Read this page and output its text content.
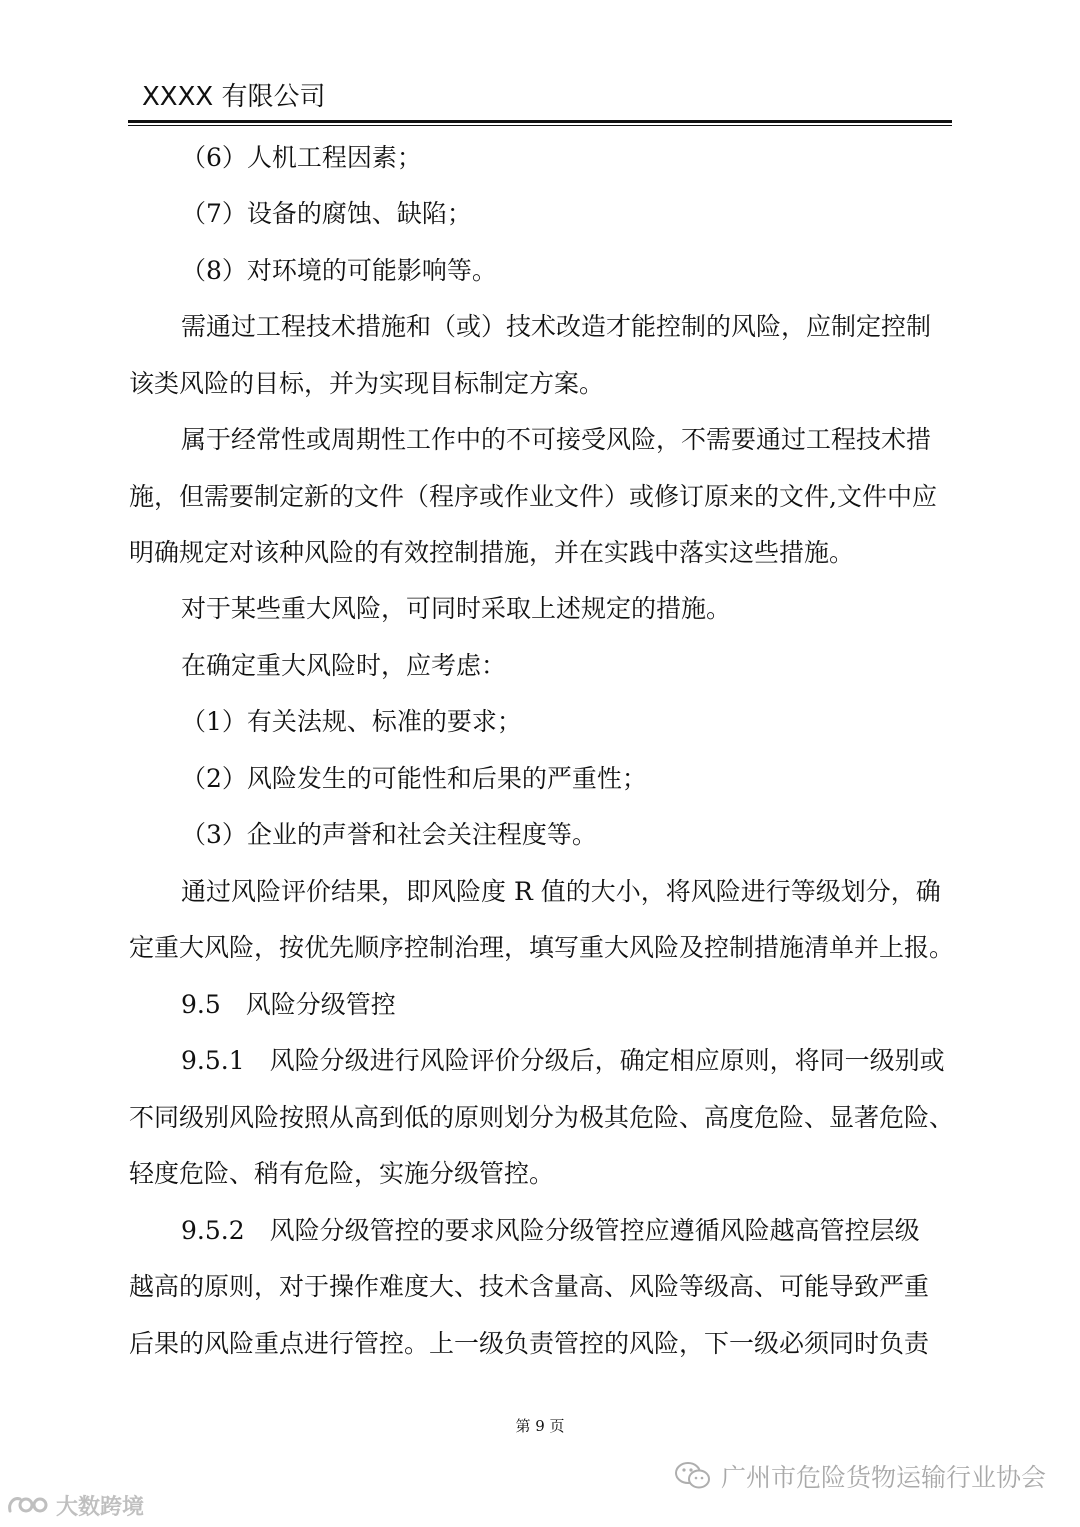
XXXX 有限公司
（6）人机工程因素；
（7）设备的腐蚀、缺陷；
（8）对环境的可能影响等。
需通过工程技术措施和（或）技术改造才能控制的风险，应制定控制
该类风险的目标，并为实现目标制定方案。
属于经常性或周期性工作中的不可接受风险，不需要通过工程技术措
施，但需要制定新的文件（程序或作业文件）或修订原来的文件,文件中应
明确规定对该种风险的有效控制措施，并在实践中落实这些措施。
对于某些重大风险，可同时采取上述规定的措施。
在确定重大风险时，应考虑：
（1）有关法规、标准的要求；
（2）风险发生的可能性和后果的严重性；
（3）企业的声誉和社会关注程度等。
通过风险评价结果，即风险度 R 值的大小，将风险进行等级划分，确
定重大风险，按优先顺序控制治理，填写重大风险及控制措施清单并上报。
9.5　风险分级管控
9.5.1　风险分级进行风险评价分级后，确定相应原则，将同一级别或
不同级别风险按照从高到低的原则划分为极其危险、高度危险、显著危险、
轻度危险、稍有危险，实施分级管控。
9.5.2　风险分级管控的要求风险分级管控应遵循风险越高管控层级
越高的原则，对于操作难度大、技术含量高、风险等级高、可能导致严重
后果的风险重点进行管控。上一级负责管控的风险，下一级必须同时负责
第 9 页
广州市危险货物运输行业协会
大数跨境
